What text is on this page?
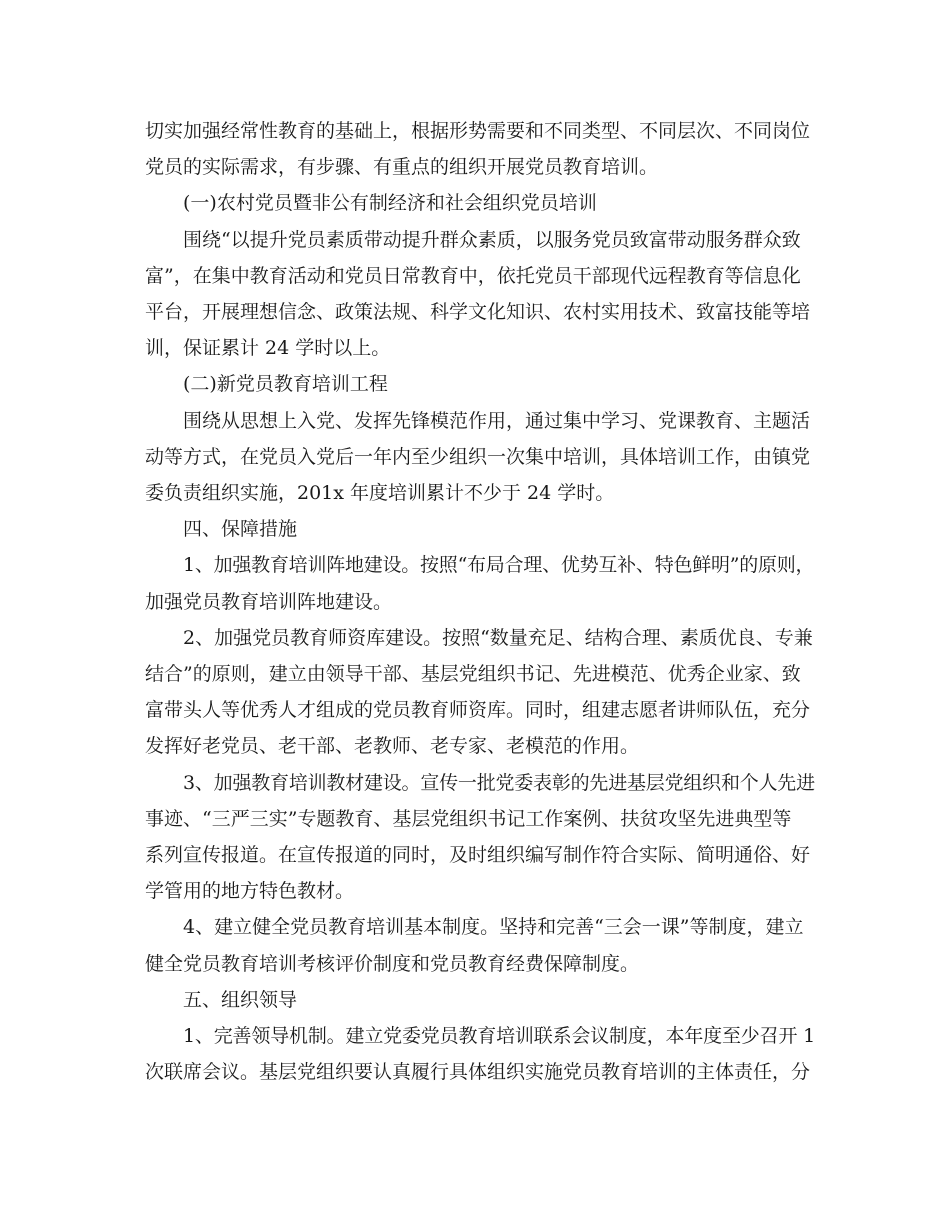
切实加强经常性教育的基础上，根据形势需要和不同类型、不同层次、不同岗位
党员的实际需求，有步骤、有重点的组织开展党员教育培训。
(一)农村党员暨非公有制经济和社会组织党员培训
围绕“以提升党员素质带动提升群众素质，以服务党员致富带动服务群众致
富”，在集中教育活动和党员日常教育中，依托党员干部现代远程教育等信息化
平台，开展理想信念、政策法规、科学文化知识、农村实用技术、致富技能等培
训，保证累计 24 学时以上。
(二)新党员教育培训工程
围绕从思想上入党、发挥先锋模范作用，通过集中学习、党课教育、主题活
动等方式，在党员入党后一年内至少组织一次集中培训，具体培训工作，由镇党
委负责组织实施，201x 年度培训累计不少于 24 学时。
四、保障措施
1、加强教育培训阵地建设。按照“布局合理、优势互补、特色鲜明”的原则，
加强党员教育培训阵地建设。
2、加强党员教育师资库建设。按照“数量充足、结构合理、素质优良、专兼
结合”的原则，建立由领导干部、基层党组织书记、先进模范、优秀企业家、致
富带头人等优秀人才组成的党员教育师资库。同时，组建志愿者讲师队伍，充分
发挥好老党员、老干部、老教师、老专家、老模范的作用。
3、加强教育培训教材建设。宣传一批党委表彰的先进基层党组织和个人先进
事迹、“三严三实”专题教育、基层党组织书记工作案例、扶贫攻坚先进典型等
系列宣传报道。在宣传报道的同时，及时组织编写制作符合实际、简明通俗、好
学管用的地方特色教材。
4、建立健全党员教育培训基本制度。坚持和完善“三会一课”等制度，建立
健全党员教育培训考核评价制度和党员教育经费保障制度。
五、组织领导
1、完善领导机制。建立党委党员教育培训联系会议制度，本年度至少召开 1
次联席会议。基层党组织要认真履行具体组织实施党员教育培训的主体责任，分
